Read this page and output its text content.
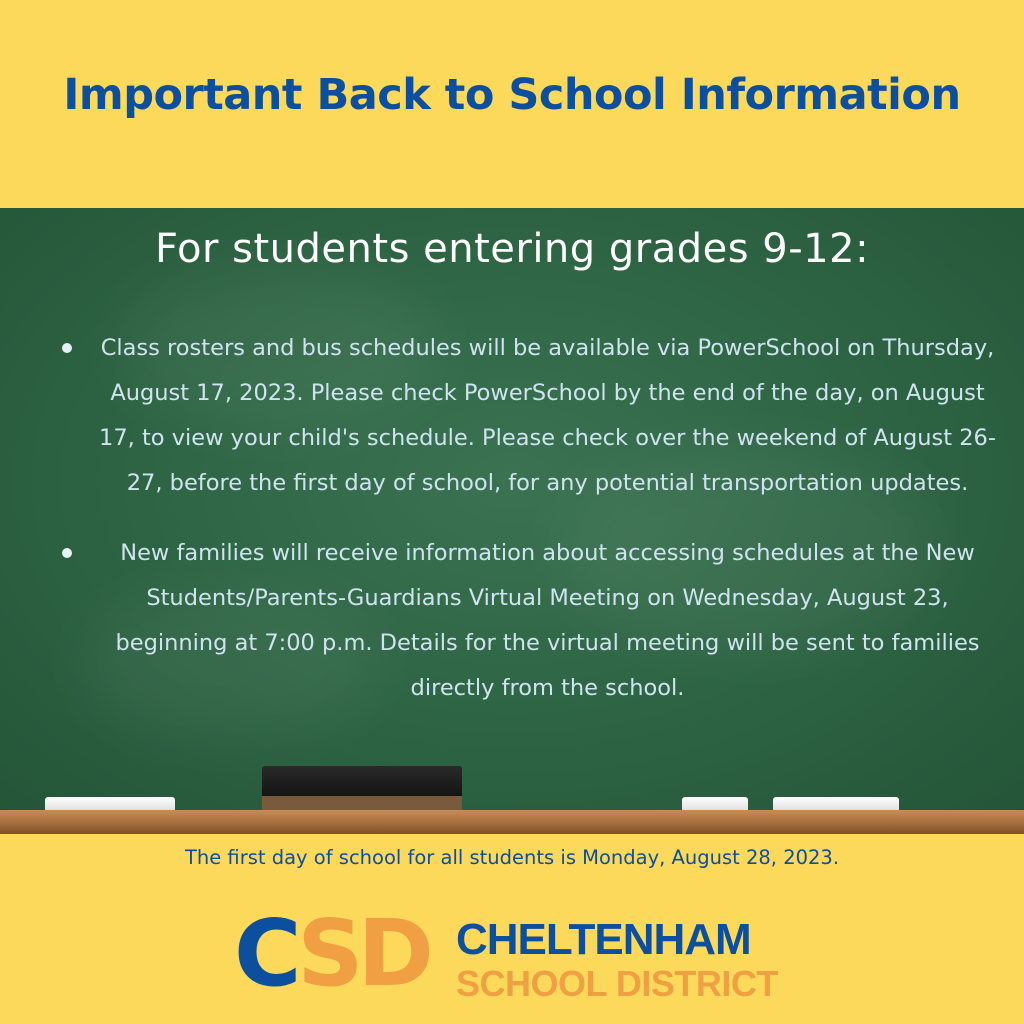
Important Back to School Information
For students entering grades 9-12:
Class rosters and bus schedules will be available via PowerSchool on Thursday, August 17, 2023. Please check PowerSchool by the end of the day, on August 17, to view your child's schedule. Please check over the weekend of August 26-27, before the first day of school, for any potential transportation updates.
New families will receive information about accessing schedules at the New Students/Parents-Guardians Virtual Meeting on Wednesday, August 23, beginning at 7:00 p.m. Details for the virtual meeting will be sent to families directly from the school.
The first day of school for all students is Monday, August 28, 2023.
CSD CHELTENHAM
SCHOOL DISTRICT
